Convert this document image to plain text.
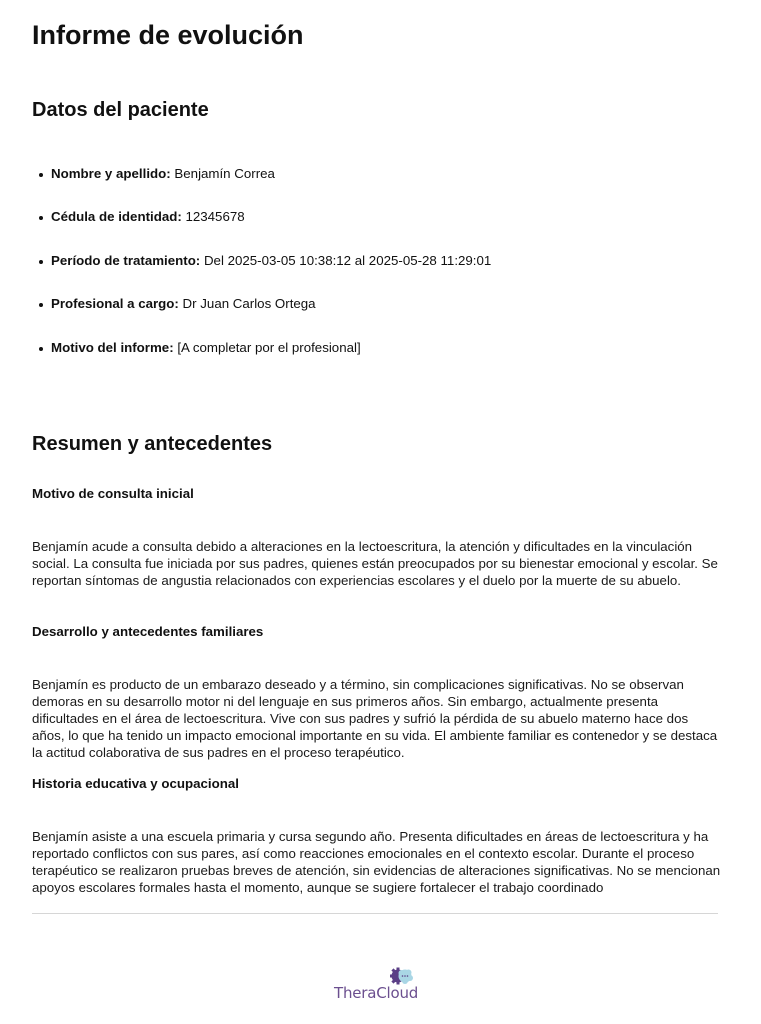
Informe de evolución
Datos del paciente
Nombre y apellido: Benjamín Correa
Cédula de identidad: 12345678
Período de tratamiento: Del 2025-03-05 10:38:12 al 2025-05-28 11:29:01
Profesional a cargo: Dr Juan Carlos Ortega
Motivo del informe: [A completar por el profesional]
Resumen y antecedentes
Motivo de consulta inicial

Benjamín acude a consulta debido a alteraciones en la lectoescritura, la atención y dificultades en la vinculación social. La consulta fue iniciada por sus padres, quienes están preocupados por su bienestar emocional y escolar. Se reportan síntomas de angustia relacionados con experiencias escolares y el duelo por la muerte de su abuelo.

Desarrollo y antecedentes familiares

Benjamín es producto de un embarazo deseado y a término, sin complicaciones significativas. No se observan demoras en su desarrollo motor ni del lenguaje en sus primeros años. Sin embargo, actualmente presenta dificultades en el área de lectoescritura. Vive con sus padres y sufrió la pérdida de su abuelo materno hace dos años, lo que ha tenido un impacto emocional importante en su vida. El ambiente familiar es contenedor y se destaca la actitud colaborativa de sus padres en el proceso terapéutico.

Historia educativa y ocupacional

Benjamín asiste a una escuela primaria y cursa segundo año. Presenta dificultades en áreas de lectoescritura y ha reportado conflictos con sus pares, así como reacciones emocionales en el contexto escolar. Durante el proceso terapéutico se realizaron pruebas breves de atención, sin evidencias de alteraciones significativas. No se mencionan apoyos escolares formales hasta el momento, aunque se sugiere fortalecer el trabajo coordinado

TheraCloud
